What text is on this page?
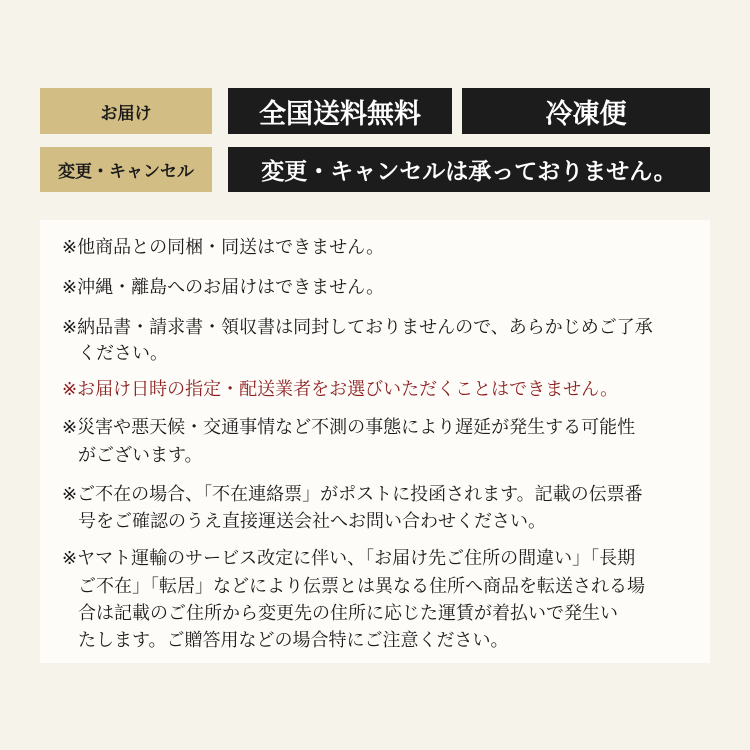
お届け	全国送料無料	冷凍便
変更・キャンセル	変更・キャンセルは承っておりません。
※他商品との同梱・同送はできません。
※沖縄・離島へのお届けはできません。
※納品書・請求書・領収書は同封しておりませんので、あらかじめご了承
ください。
※お届け日時の指定・配送業者をお選びいただくことはできません。
※災害や悪天候・交通事情など不測の事態により遅延が発生する可能性
がございます。
※ご不在の場合、「不在連絡票」がポストに投函されます。記載の伝票番
号をご確認のうえ直接運送会社へお問い合わせください。
※ヤマト運輸のサービス改定に伴い、「お届け先ご住所の間違い」「長期
ご不在」「転居」などにより伝票とは異なる住所へ商品を転送される場
合は記載のご住所から変更先の住所に応じた運賃が着払いで発生い
たします。ご贈答用などの場合特にご注意ください。
